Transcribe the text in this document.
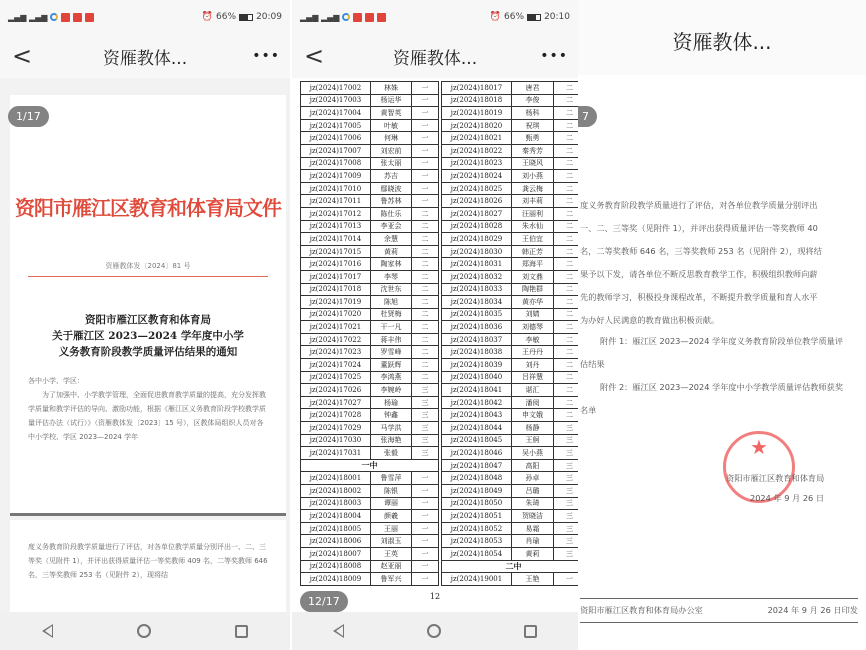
▂▄▆ ▂▄▆	⏰ 66% 20:09
<	资雁教体...	•••
资阳市雁江区教育和体育局文件
资雁教体发〔2024〕81 号
资阳市雁江区教育和体育局
关于雁江区 2023—2024 学年度中小学
义务教育阶段教学质量评估结果的通知
各中小学、学区：
为了加强中、小学教学管理，全面促进教育教学质量的提高，充分发挥教学质量和教学评估的导向、激励功能，根据《雁江区义务教育阶段学校教学质量评估办法（试行）》（资雁教体发〔2023〕15 号），区教体局组织人员对各中小学校、学区 2023—2024 学年
度义务教育阶段教学质量进行了评估，对各单位教学质量分别评出一、二、三等奖（见附件 1），并评出获得质量评估一等奖教师 409 名，二等奖教师 646 名，三等奖教师 253 名（见附件 2），现将结
1/17
▂▄▆ ▂▄▆	⏰ 66% 20:10
<	资雁教体...	•••
jz(2024)17002	林姝	一
jz(2024)17003	杨运华	一
jz(2024)17004	黄智英	一
jz(2024)17005	叶敏	一
jz(2024)17006	何琳	一
jz(2024)17007	刘宏前	一
jz(2024)17008	张太丽	一
jz(2024)17009	苏吉	一
jz(2024)17010	鄢晓波	一
jz(2024)17011	鲁苏林	一
jz(2024)17012	陈仕乐	二
jz(2024)17013	李亚会	二
jz(2024)17014	余慧	二
jz(2024)17015	黄莉	二
jz(2024)17016	陶家林	二
jz(2024)17017	李琴	二
jz(2024)17018	沈世东	二
jz(2024)17019	陈旭	二
jz(2024)17020	杜贤梅	二
jz(2024)17021	干一凡	二
jz(2024)17022	蒋丰伟	二
jz(2024)17023	罗雪峰	二
jz(2024)17024	董跃辉	二
jz(2024)17025	李鸿燕	二
jz(2024)17026	李婉岭	三
jz(2024)17027	杨瑜	三
jz(2024)17028	钟鑫	三
jz(2024)17029	马学洪	三
jz(2024)17030	张海艳	三
jz(2024)17031	张毅	三
一中		
jz(2024)18001	鲁雪萍	一
jz(2024)18002	陈银	一
jz(2024)18003	谭丽	一
jz(2024)18004	颜羲	一
jz(2024)18005	王丽	一
jz(2024)18006	刘淑玉	一
jz(2024)18007	王英	一
jz(2024)18008	赵亚丽	一
jz(2024)18009	鲁军兴	一
jz(2024)18017	唐君	二
jz(2024)18018	李俊	二
jz(2024)18019	杨科	二
jz(2024)18020	祝琪	二
jz(2024)18021	甄勇	二
jz(2024)18022	秦秀芳	二
jz(2024)18023	王晓风	二
jz(2024)18024	刘小燕	二
jz(2024)18025	龚云梅	二
jz(2024)18026	刘丰莉	二
jz(2024)18027	汪丽利	二
jz(2024)18028	朱水仙	二
jz(2024)18029	王伯宜	二
jz(2024)18030	韩正芳	二
jz(2024)18031	郑海平	二
jz(2024)18032	刘文鼎	二
jz(2024)18033	陶艳群	二
jz(2024)18034	黄亦华	二
jz(2024)18035	刘婧	二
jz(2024)18036	刘德琴	二
jz(2024)18037	李敏	二
jz(2024)18038	王丹丹	二
jz(2024)18039	刘丹	二
jz(2024)18040	吕祥慧	二
jz(2024)18041	谌汇	二
jz(2024)18042	潘阅	二
jz(2024)18043	申文娥	二
jz(2024)18044	杨静	三
jz(2024)18045	王舸	三
jz(2024)18046	吴小燕	三
jz(2024)18047	高阳	三
jz(2024)18048	孙卓	三
jz(2024)18049	吕璐	三
jz(2024)18050	朱琦	三
jz(2024)18051	贺晓洁	三
jz(2024)18052	易霜	三
jz(2024)18053	肖瑜	三
jz(2024)18054	黄莉	三
二中		
jz(2024)19001	王艳	一
12
12/17
资雁教体...
度义务教育阶段教学质量进行了评估，对各单位教学质量分别评出
一、二、三等奖（见附件 1），并评出获得质量评估一等奖教师 40
名，二等奖教师 646 名，三等奖教师 253 名（见附件 2），现将结
果予以下发，请各单位不断反思教育教学工作，积极组织教师向薪
先的教师学习，积极投身课程改革，不断提升教学质量和育人水平
为办好人民满意的教育做出积极贡献。
附件 1：雁江区 2023—2024 学年度义务教育阶段单位教学质量评
估结果
附件 2：雁江区 2023—2024 学年度中小学教学质量评估教师获奖
名单
★
资阳市雁江区教育和体育局
2024 年 9 月 26 日
资阳市雁江区教育和体育局办公室	2024 年 9 月 26 日印发
7
